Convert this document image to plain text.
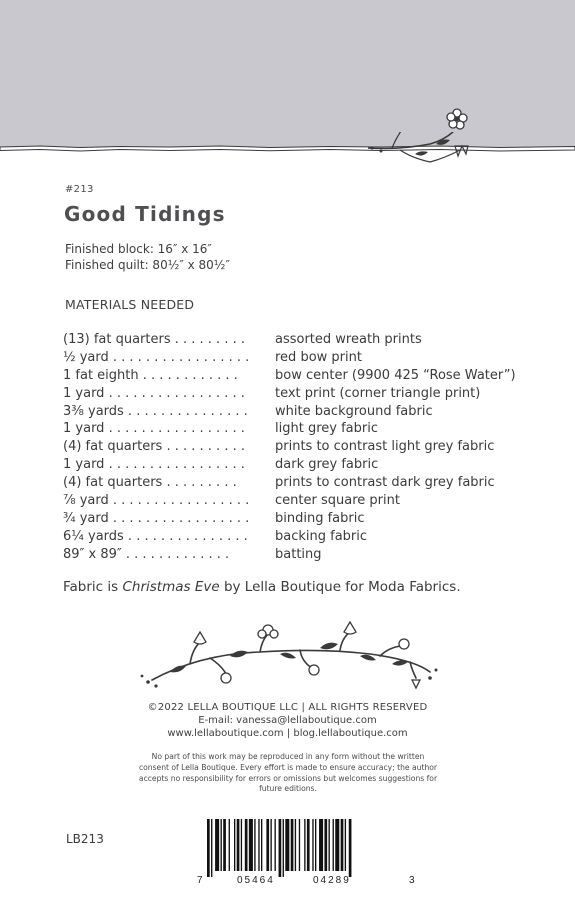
#213
Good Tidings
Finished block: 16″ x 16″
Finished quilt: 80½″ x 80½″
MATERIALS NEEDED
(13) fat quarters . . . . . . . . . assorted wreath prints
½ yard . . . . . . . . . . . . . . . . . red bow print
1 fat eighth . . . . . . . . . . . .	bow center (9900 425 “Rose Water”)
1 yard . . . . . . . . . . . . . . . . . text print (corner triangle print)
3⅜ yards . . . . . . . . . . . . . . . white background fabric
1 yard . . . . . . . . . . . . . . . . . light grey fabric
(4) fat quarters . . . . . . . . . . prints to contrast light grey fabric
1 yard . . . . . . . . . . . . . . . . . dark grey fabric
(4) fat quarters . . . . . . . . .	prints to contrast dark grey fabric
⅞ yard . . . . . . . . . . . . . . . . . center square print
¾ yard . . . . . . . . . . . . . . . . . binding fabric
6¼ yards . . . . . . . . . . . . . . . backing fabric
89″ x 89″ . . . . . . . . . . . . .	batting
Fabric is Christmas Eve by Lella Boutique for Moda Fabrics.
©2022 LELLA BOUTIQUE LLC | ALL RIGHTS RESERVED
E-mail: vanessa@lellaboutique.com
www.lellaboutique.com | blog.lellaboutique.com
No part of this work may be reproduced in any form without the written consent of Lella Boutique. Every effort is made to ensure accuracy; the author accepts no responsibility for errors or omissions but welcomes suggestions for future editions.
LB213
7	05464	04289	3
